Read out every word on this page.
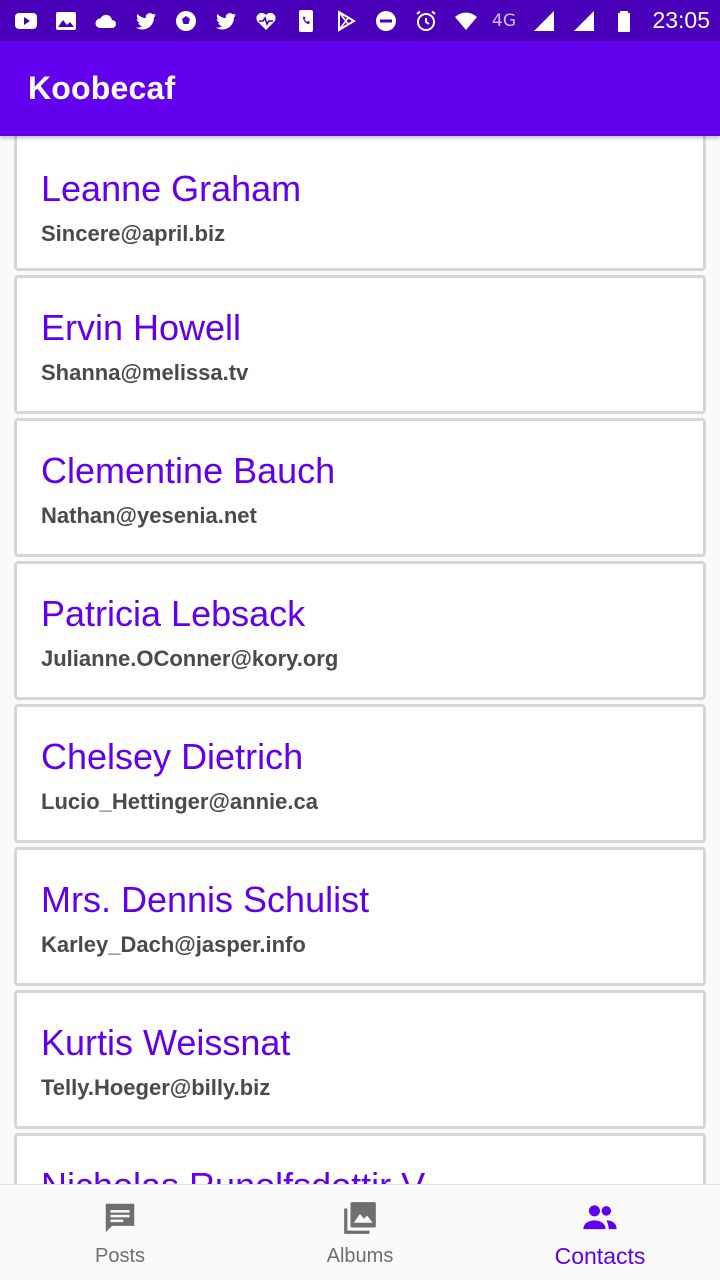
4G	23:05
Koobecaf
Leanne Graham
Sincere@april.biz
Ervin Howell
Shanna@melissa.tv
Clementine Bauch
Nathan@yesenia.net
Patricia Lebsack
Julianne.OConner@kory.org
Chelsey Dietrich
Lucio_Hettinger@annie.ca
Mrs. Dennis Schulist
Karley_Dach@jasper.info
Kurtis Weissnat
Telly.Hoeger@billy.biz
Posts	Albums	Contacts
